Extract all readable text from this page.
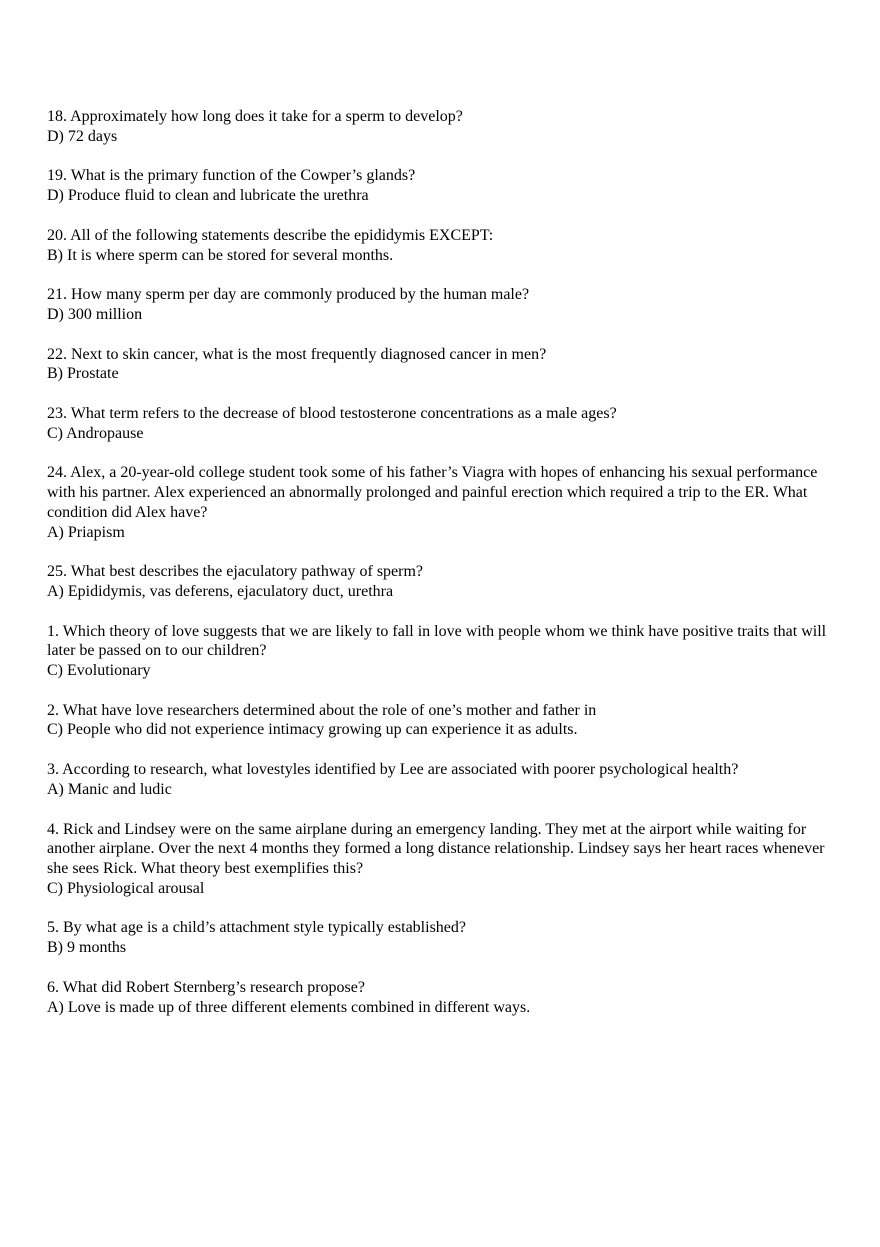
18. Approximately how long does it take for a sperm to develop?
D) 72 days
19. What is the primary function of the Cowper’s glands?
D) Produce fluid to clean and lubricate the urethra
20. All of the following statements describe the epididymis EXCEPT:
B) It is where sperm can be stored for several months.
21. How many sperm per day are commonly produced by the human male?
D) 300 million
22. Next to skin cancer, what is the most frequently diagnosed cancer in men?
B) Prostate
23. What term refers to the decrease of blood testosterone concentrations as a male ages?
C) Andropause
24. Alex, a 20-year-old college student took some of his father’s Viagra with hopes of enhancing his sexual performance with his partner. Alex experienced an abnormally prolonged and painful erection which required a trip to the ER. What condition did Alex have?
A) Priapism
25. What best describes the ejaculatory pathway of sperm?
A) Epididymis, vas deferens, ejaculatory duct, urethra
1. Which theory of love suggests that we are likely to fall in love with people whom we think have positive traits that will later be passed on to our children?
C) Evolutionary
2. What have love researchers determined about the role of one’s mother and father in
C) People who did not experience intimacy growing up can experience it as adults.
3. According to research, what lovestyles identified by Lee are associated with poorer psychological health?
A) Manic and ludic
4. Rick and Lindsey were on the same airplane during an emergency landing. They met at the airport while waiting for another airplane. Over the next 4 months they formed a long distance relationship. Lindsey says her heart races whenever she sees Rick. What theory best exemplifies this?
C) Physiological arousal
5. By what age is a child’s attachment style typically established?
B) 9 months
6. What did Robert Sternberg’s research propose?
A) Love is made up of three different elements combined in different ways.
